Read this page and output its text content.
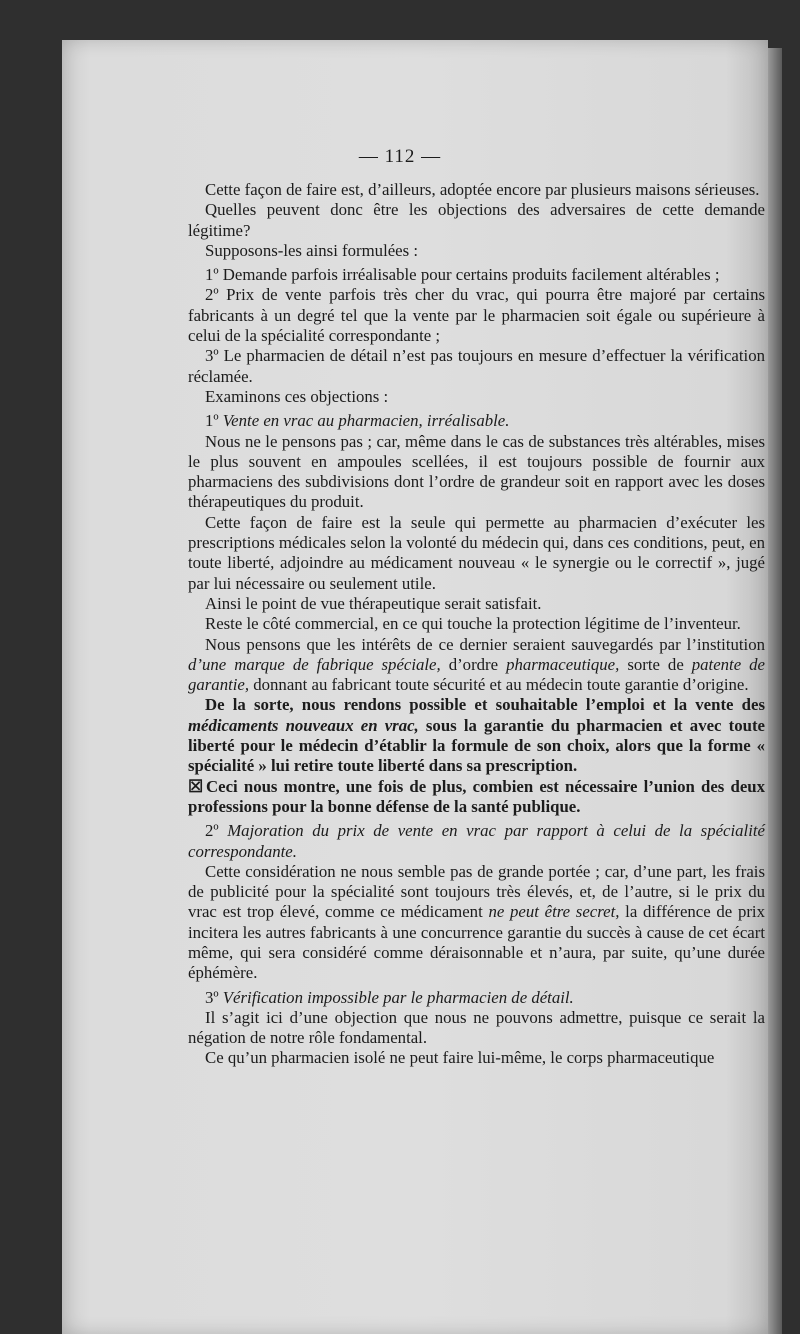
— 112 —

Cette façon de faire est, d’ailleurs, adoptée encore par plusieurs maisons sérieuses.

Quelles peuvent donc être les objections des adversaires de cette demande légitime?

Supposons-les ainsi formulées :

1º Demande parfois irréalisable pour certains produits facilement altérables ;

2º Prix de vente parfois très cher du vrac, qui pourra être majoré par certains fabricants à un degré tel que la vente par le pharmacien soit égale ou supérieure à celui de la spécialité correspondante ;

3º Le pharmacien de détail n’est pas toujours en mesure d’effectuer la vérification réclamée.

Examinons ces objections :

1º Vente en vrac au pharmacien, irréalisable.

Nous ne le pensons pas ; car, même dans le cas de substances très altérables, mises le plus souvent en ampoules scellées, il est toujours possible de fournir aux pharmaciens des subdivisions dont l’ordre de grandeur soit en rapport avec les doses thérapeutiques du produit.

Cette façon de faire est la seule qui permette au pharmacien d’exécuter les prescriptions médicales selon la volonté du médecin qui, dans ces conditions, peut, en toute liberté, adjoindre au médicament nouveau « le synergie ou le correctif », jugé par lui nécessaire ou seulement utile.

Ainsi le point de vue thérapeutique serait satisfait.

Reste le côté commercial, en ce qui touche la protection légitime de l’inventeur.

Nous pensons que les intérêts de ce dernier seraient sauvegardés par l’institution d’une marque de fabrique spéciale, d’ordre pharmaceutique, sorte de patente de garantie, donnant au fabricant toute sécurité et au médecin toute garantie d’origine.

De la sorte, nous rendons possible et souhaitable l’emploi et la vente des médicaments nouveaux en vrac, sous la garantie du pharmacien et avec toute liberté pour le médecin d’établir la formule de son choix, alors que la forme « spécialité » lui retire toute liberté dans sa prescription.

☒ Ceci nous montre, une fois de plus, combien est nécessaire l’union des deux professions pour la bonne défense de la santé publique.

2º Majoration du prix de vente en vrac par rapport à celui de la spécialité correspondante.

Cette considération ne nous semble pas de grande portée ; car, d’une part, les frais de publicité pour la spécialité sont toujours très élevés, et, de l’autre, si le prix du vrac est trop élevé, comme ce médicament ne peut être secret, la différence de prix incitera les autres fabricants à une concurrence garantie du succès à cause de cet écart même, qui sera considéré comme déraisonnable et n’aura, par suite, qu’une durée éphémère.

3º Vérification impossible par le pharmacien de détail.

Il s’agit ici d’une objection que nous ne pouvons admettre, puisque ce serait la négation de notre rôle fondamental.

Ce qu’un pharmacien isolé ne peut faire lui-même, le corps pharmaceutique
